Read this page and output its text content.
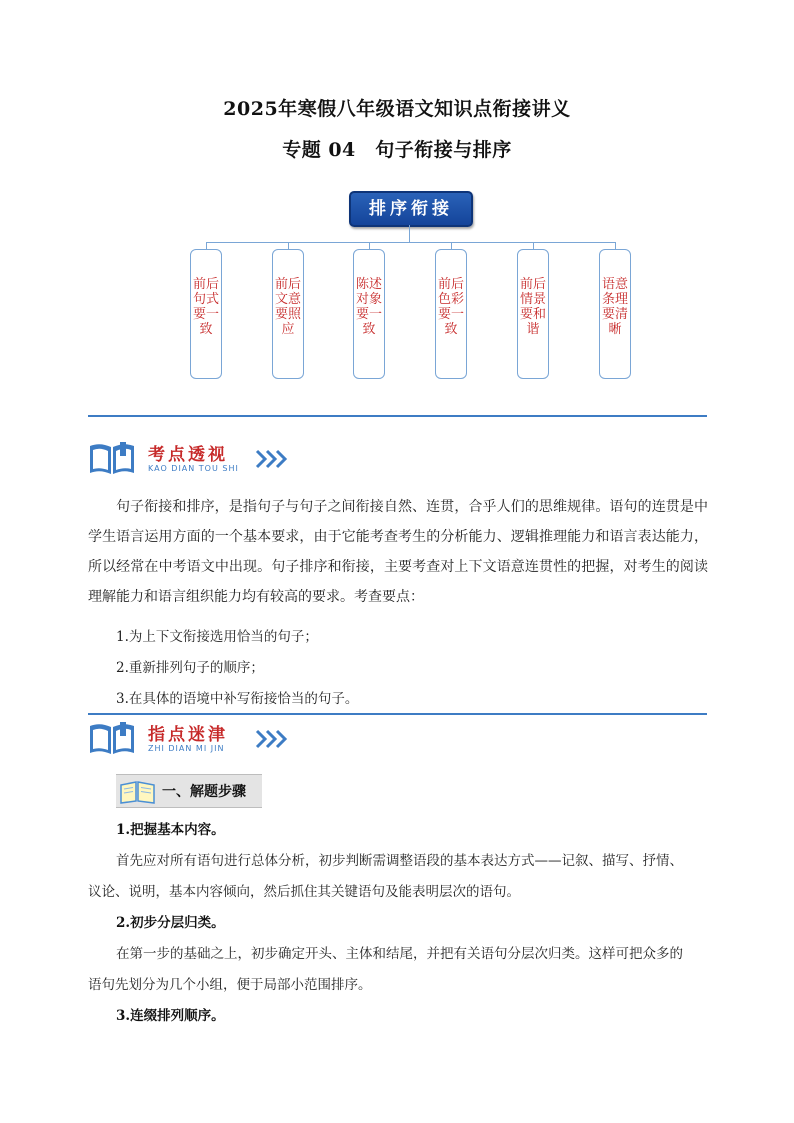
2025年寒假八年级语文知识点衔接讲义
专题 04　句子衔接与排序
排序衔接
前后句式要一致
前后文意要照应
陈述对象要一致
前后色彩要一致
前后情景要和谐
语意条理要清晰
考点透视
KAO DIAN TOU SHI
句子衔接和排序，是指句子与句子之间衔接自然、连贯，合乎人们的思维规律。语句的连贯是中学生语言运用方面的一个基本要求，由于它能考查考生的分析能力、逻辑推理能力和语言表达能力，所以经常在中考语文中出现。句子排序和衔接，主要考查对上下文语意连贯性的把握，对考生的阅读理解能力和语言组织能力均有较高的要求。考查要点：
1.为上下文衔接选用恰当的句子；
2.重新排列句子的顺序；
3.在具体的语境中补写衔接恰当的句子。
指点迷津
ZHI DIAN MI JIN
一、解题步骤
1.把握基本内容。
首先应对所有语句进行总体分析，初步判断需调整语段的基本表达方式——记叙、描写、抒情、
议论、说明，基本内容倾向，然后抓住其关键语句及能表明层次的语句。
2.初步分层归类。
在第一步的基础之上，初步确定开头、主体和结尾，并把有关语句分层次归类。这样可把众多的
语句先划分为几个小组，便于局部小范围排序。
3.连缀排列顺序。
